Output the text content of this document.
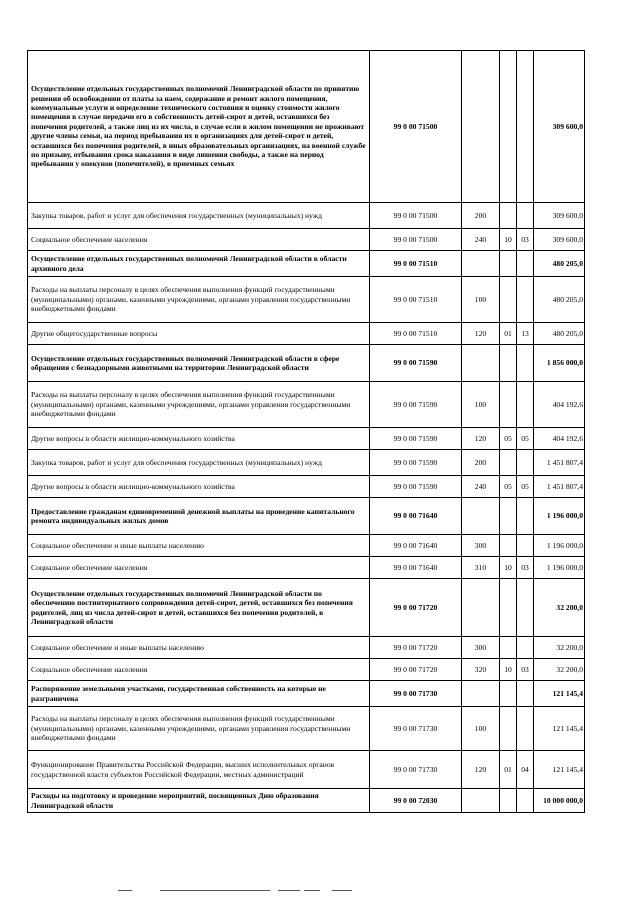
Осуществление отдельных государственных полномочий Ленинградской области по принятию решения об освобождении от платы за наем, содержание и ремонт жилого помещения, коммунальные услуги и определение технического состояния и оценку стоимости жилого помещения в случае передачи его в собственность детей-сирот и детей, оставшихся без попечения родителей, а также лиц из их числа, в случае если в жилом помещении не проживают другие члены семьи, на период пребывания их в организациях для детей-сирот и детей, оставшихся без попечения родителей, в иных образовательных организациях, на военной службе по призыву, отбывания срока наказания в виде лишения свободы, а также на период пребывания у опекунов (попечителей), в приемных семьях	99 0 00 71500				309 600,0
Закупка товаров, работ и услуг для обеспечения государственных (муниципальных) нужд	99 0 00 71500	200			309 600,0
Социальное обеспечение населения	99 0 00 71500	240	10	03	309 600,0
Осуществление отдельных государственных полномочий Ленинградской области в области архивного дела	99 0 00 71510				480 205,0
Расходы на выплаты персоналу в целях обеспечения выполнения функций государственными (муниципальными) органами, казенными учреждениями, органами управления государственными внебюджетными фондами	99 0 00 71510	100			480 205,0
Другие общегосударственные вопросы	99 0 00 71510	120	01	13	480 205,0
Осуществление отдельных государственных полномочий Ленинградской области в сфере обращения с безнадзорными животными на территории Ленинградской области	99 0 00 71590				1 856 000,0
Расходы на выплаты персоналу в целях обеспечения выполнения функций государственными (муниципальными) органами, казенными учреждениями, органами управления государственными внебюджетными фондами	99 0 00 71590	100			404 192,6
Другие вопросы в области жилищно-коммунального хозяйства	99 0 00 71590	120	05	05	404 192,6
Закупка товаров, работ и услуг для обеспечения государственных (муниципальных) нужд	99 0 00 71590	200			1 451 807,4
Другие вопросы в области жилищно-коммунального хозяйства	99 0 00 71590	240	05	05	1 451 807,4
Предоставление гражданам единовременной денежной выплаты на проведение капитального ремонта индивидуальных жилых домов	99 0 00 71640				1 196 000,0
Социальное обеспечение и иные выплаты населению	99 0 00 71640	300			1 196 000,0
Социальное обеспечение населения	99 0 00 71640	310	10	03	1 196 000,0
Осуществление отдельных государственных полномочий Ленинградской области по обеспечению постинтернатного сопровождения детей-сирот, детей, оставшихся без попечения родителей, лиц из числа детей-сирот и детей, оставшихся без попечения родителей, в Ленинградской области	99 0 00 71720				32 200,0
Социальное обеспечение и иные выплаты населению	99 0 00 71720	300			32 200,0
Социальное обеспечение населения	99 0 00 71720	320	10	03	32 200,0
Распоряжение земельными участками, государственная собственность на которые не разграничена	99 0 00 71730				121 145,4
Расходы на выплаты персоналу в целях обеспечения выполнения функций государственными (муниципальными) органами, казенными учреждениями, органами управления государственными внебюджетными фондами	99 0 00 71730	100			121 145,4
Функционирование Правительства Российской Федерации, высших исполнительных органов государственной власти субъектов Российской Федерации, местных администраций	99 0 00 71730	120	01	04	121 145,4
Расходы на подготовку и проведение мероприятий, посвященных Дню образования Ленинградской области	99 0 00 72030				10 000 000,0
